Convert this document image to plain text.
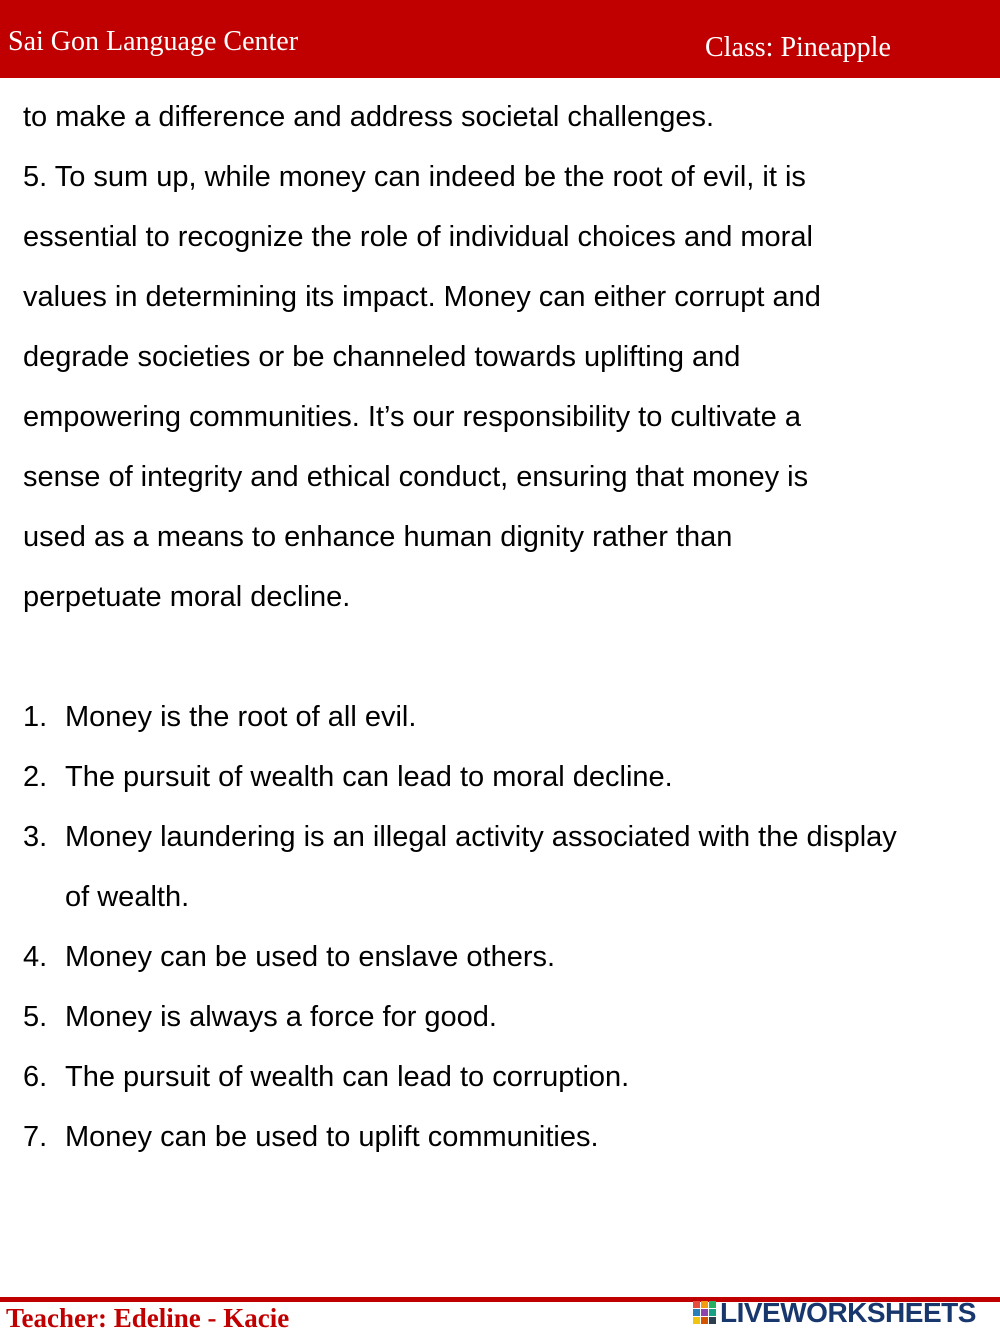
Sai Gon Language Center	Class: Pineapple
to make a difference and address societal challenges.
5. To sum up, while money can indeed be the root of evil, it is
essential to recognize the role of individual choices and moral
values in determining its impact. Money can either corrupt and
degrade societies or be channeled towards uplifting and
empowering communities. It’s our responsibility to cultivate a
sense of integrity and ethical conduct, ensuring that money is
used as a means to enhance human dignity rather than
perpetuate moral decline.
1. Money is the root of all evil.
2. The pursuit of wealth can lead to moral decline.
3. Money laundering is an illegal activity associated with the display of wealth.
4. Money can be used to enslave others.
5. Money is always a force for good.
6. The pursuit of wealth can lead to corruption.
7. Money can be used to uplift communities.
Teacher: Edeline - Kacie	LIVEWORKSHEETS
